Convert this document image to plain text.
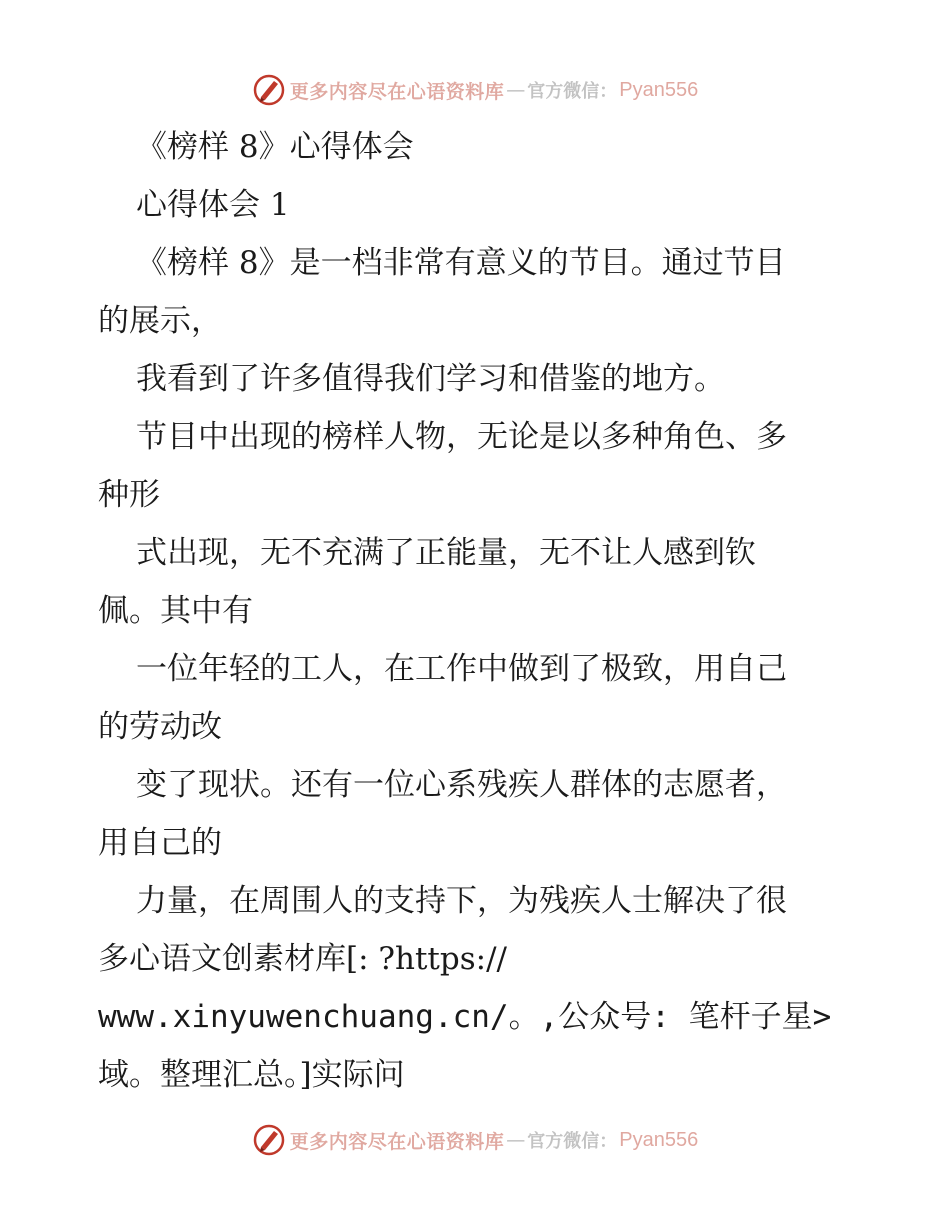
更多内容尽在心语资料库 — 官方微信： Pyan556

《榜样 8》心得体会

心得体会 1

《榜样 8》是一档非常有意义的节目。通过节目

的展示，

我看到了许多值得我们学习和借鉴的地方。

节目中出现的榜样人物，无论是以多种角色、多

种形

式出现，无不充满了正能量，无不让人感到钦

佩。其中有

一位年轻的工人，在工作中做到了极致，用自己

的劳动改

变了现状。还有一位心系残疾人群体的志愿者，

用自己的

力量，在周围人的支持下，为残疾人士解决了很

多心语文创素材库[: ?https://

www.xinyuwenchuang.cn/。,公众号: 笔杆子星>

域。整理汇总。]实际问

更多内容尽在心语资料库 — 官方微信： Pyan556
